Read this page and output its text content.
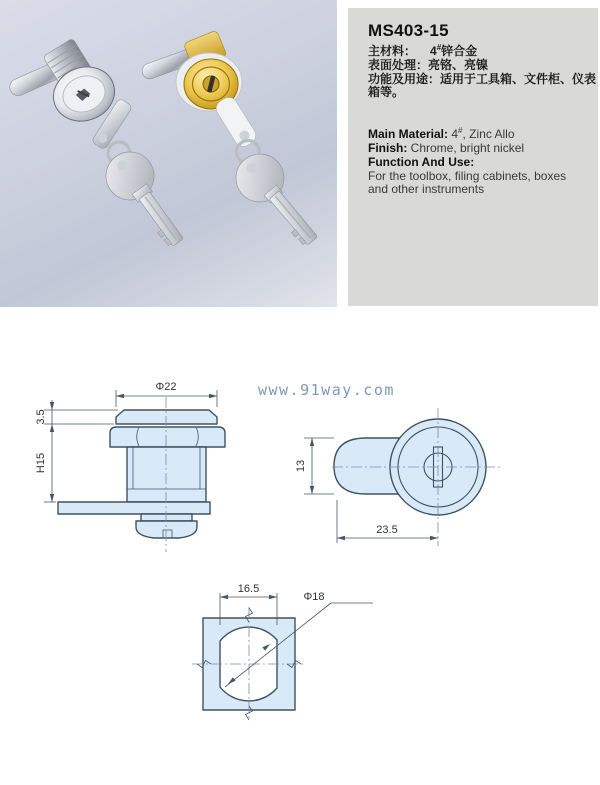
MS403-15
主材料： 4#锌合金
表面处理：亮铬、亮镍
功能及用途：适用于工具箱、文件柜、仪表箱等。
Main Material: 4#, Zinc Allo
Finish: Chrome, bright nickel
Function And Use:
For the toolbox, filing cabinets, boxes
and other instruments
www.91way.com
Φ22
3.5
H15	13
23.5
16.5
Φ18
